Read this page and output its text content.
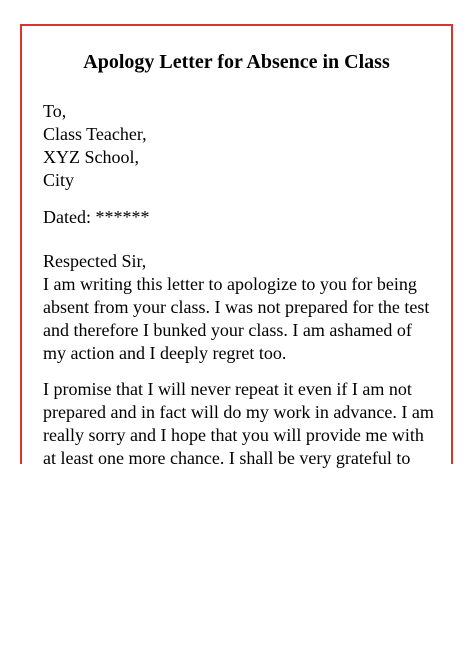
Apology Letter for Absence in Class
To,
Class Teacher,
XYZ School,
City
Dated: ******
Respected Sir,
I am writing this letter to apologize to you for being
absent from your class. I was not prepared for the test
and therefore I bunked your class. I am ashamed of
my action and I deeply regret too.
I promise that I will never repeat it even if I am not
prepared and in fact will do my work in advance. I am
really sorry and I hope that you will provide me with
at least one more chance. I shall be very grateful to
